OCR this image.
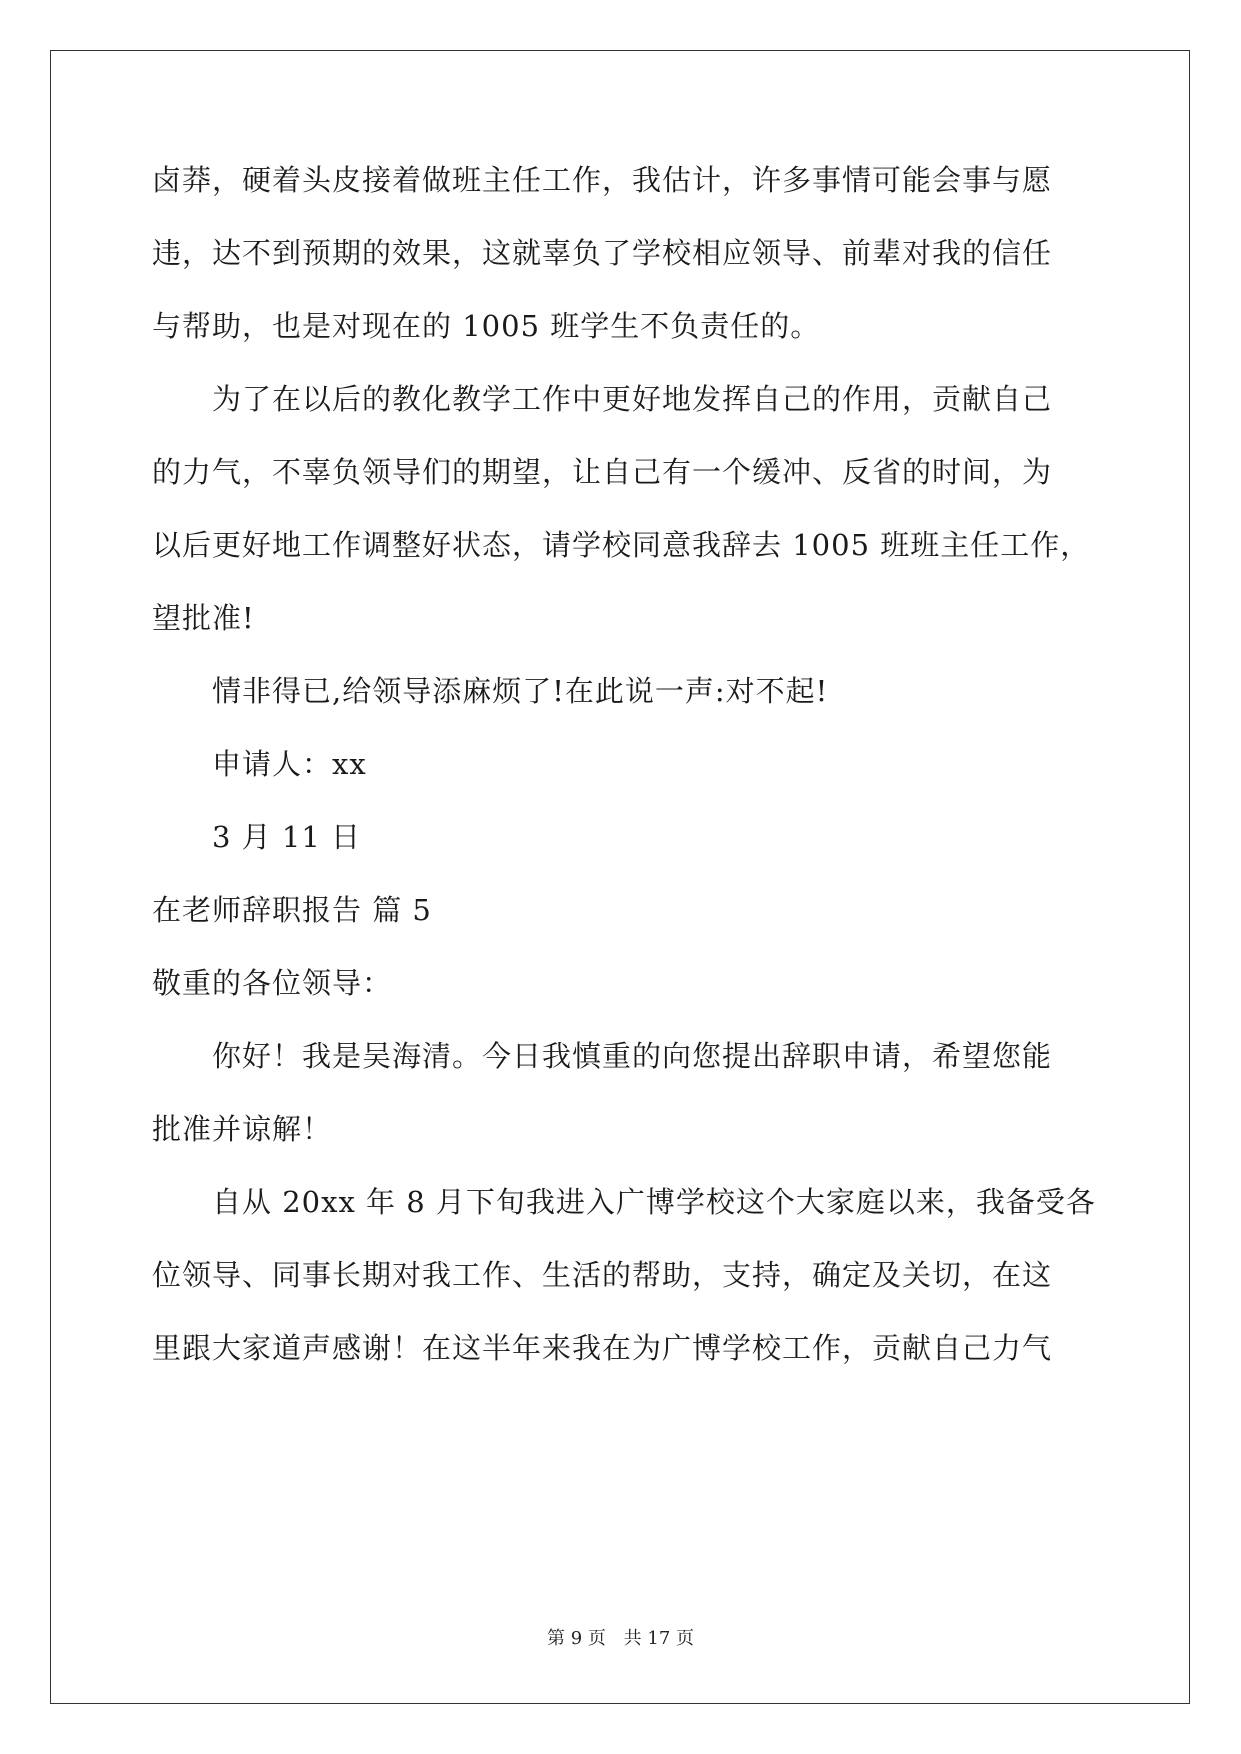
卤莽，硬着头皮接着做班主任工作，我估计，许多事情可能会事与愿
违，达不到预期的效果，这就辜负了学校相应领导、前辈对我的信任
与帮助，也是对现在的 1005 班学生不负责任的。
为了在以后的教化教学工作中更好地发挥自己的作用，贡献自己
的力气，不辜负领导们的期望，让自己有一个缓冲、反省的时间，为
以后更好地工作调整好状态，请学校同意我辞去 1005 班班主任工作，
望批准!
情非得已,给领导添麻烦了!在此说一声:对不起!
申请人：xx
3 月 11 日
在老师辞职报告 篇 5
敬重的各位领导：
你好！我是吴海清。今日我慎重的向您提出辞职申请，希望您能
批准并谅解！
自从 20xx 年 8 月下旬我进入广博学校这个大家庭以来，我备受各
位领导、同事长期对我工作、生活的帮助，支持，确定及关切，在这
里跟大家道声感谢！在这半年来我在为广博学校工作，贡献自己力气
第 9 页 共 17 页
